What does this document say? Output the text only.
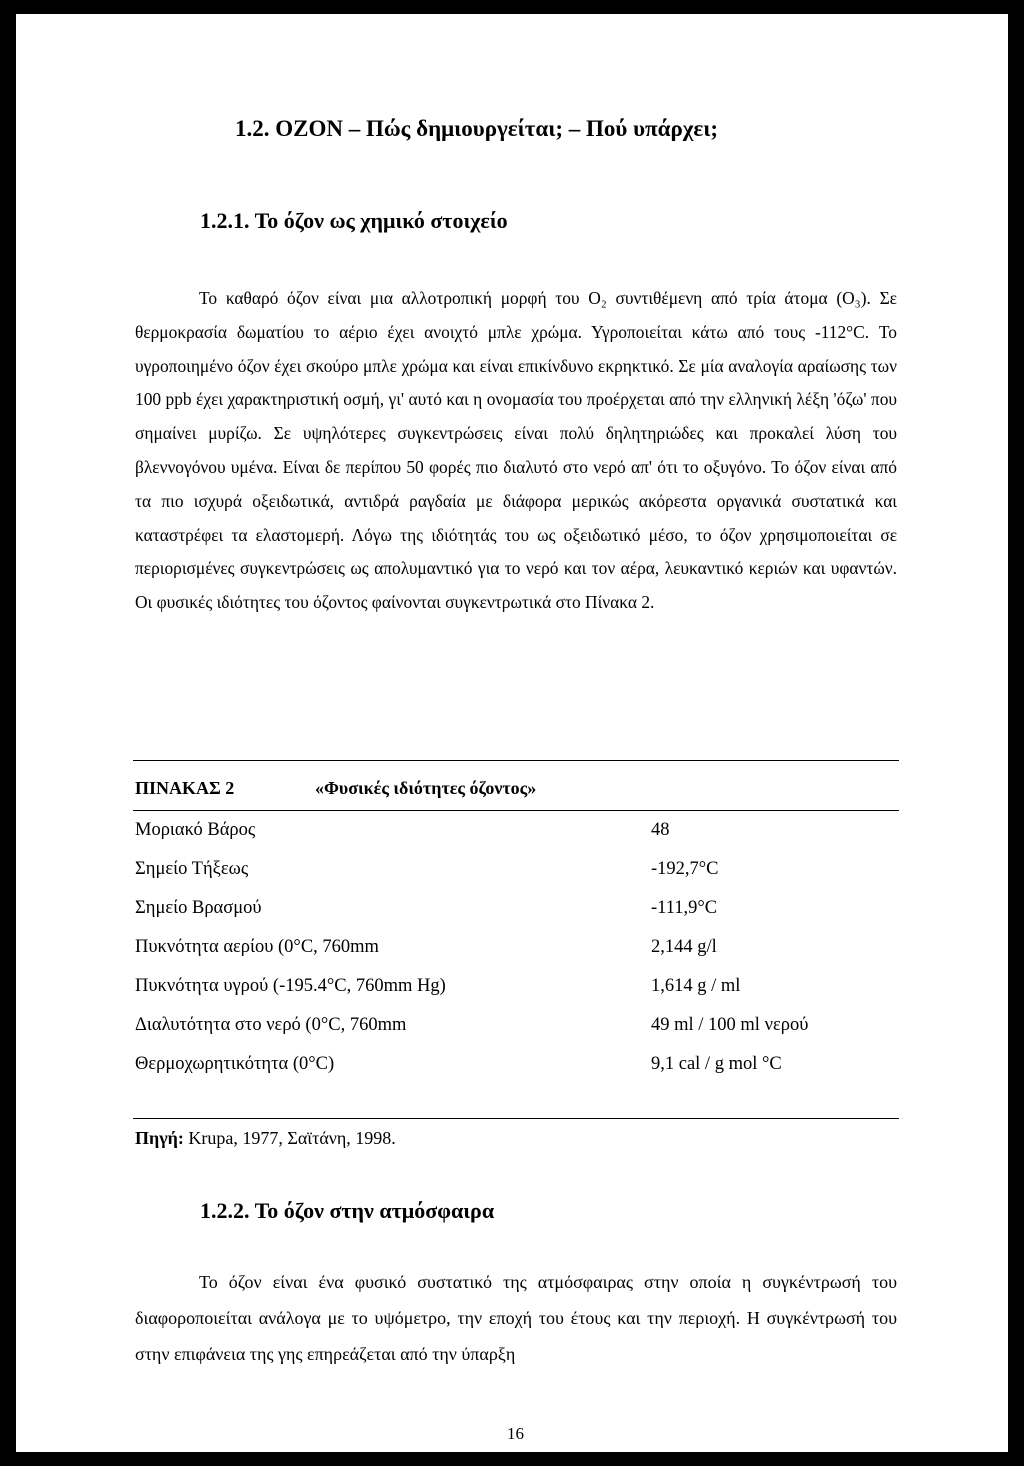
1.2. ΟΖΟΝ – Πώς δημιουργείται; – Πού υπάρχει;
1.2.1. Το όζον ως χημικό στοιχείο

Το καθαρό όζον είναι μια αλλοτροπική μορφή του O₂ συντιθέμενη από τρία άτομα (O₃). Σε θερμοκρασία δωματίου το αέριο έχει ανοιχτό μπλε χρώμα. Υγροποιείται κάτω από τους -112°C. Το υγροποιημένο όζον έχει σκούρο μπλε χρώμα και είναι επικίνδυνο εκρηκτικό. Σε μία αναλογία αραίωσης των 100 ppb έχει χαρακτηριστική οσμή, γι' αυτό και η ονομασία του προέρχεται από την ελληνική λέξη 'όζω' που σημαίνει μυρίζω. Σε υψηλότερες συγκεντρώσεις είναι πολύ δηλητηριώδες και προκαλεί λύση του βλεννογόνου υμένα. Είναι δε περίπου 50 φορές πιο διαλυτό στο νερό απ' ότι το οξυγόνο. Το όζον είναι από τα πιο ισχυρά οξειδωτικά, αντιδρά ραγδαία με διάφορα μερικώς ακόρεστα οργανικά συστατικά και καταστρέφει τα ελαστομερή. Λόγω της ιδιότητάς του ως οξειδωτικό μέσο, το όζον χρησιμοποιείται σε περιορισμένες συγκεντρώσεις ως απολυμαντικό για το νερό και τον αέρα, λευκαντικό κεριών και υφαντών. Οι φυσικές ιδιότητες του όζοντος φαίνονται συγκεντρωτικά στο Πίνακα 2.

ΠΙΝΑΚΑΣ 2	«Φυσικές ιδιότητες όζοντος»
Μοριακό Βάρος	48
Σημείο Τήξεως	-192,7°C
Σημείο Βρασμού	-111,9°C
Πυκνότητα αερίου (0°C, 760mm	2,144 g/l
Πυκνότητα υγρού (-195.4°C, 760mm Hg)	1,614 g / ml
Διαλυτότητα στο νερό (0°C, 760mm	49 ml / 100 ml νερού
Θερμοχωρητικότητα (0°C)	9,1 cal / g mol °C
Πηγή: Krupa, 1977, Σαϊτάνη, 1998.
1.2.2. Το όζον στην ατμόσφαιρα

Το όζον είναι ένα φυσικό συστατικό της ατμόσφαιρας στην οποία η συγκέντρωσή του διαφοροποιείται ανάλογα με το υψόμετρο, την εποχή του έτους και την περιοχή. Η συγκέντρωσή του στην επιφάνεια της γης επηρεάζεται από την ύπαρξη

16
